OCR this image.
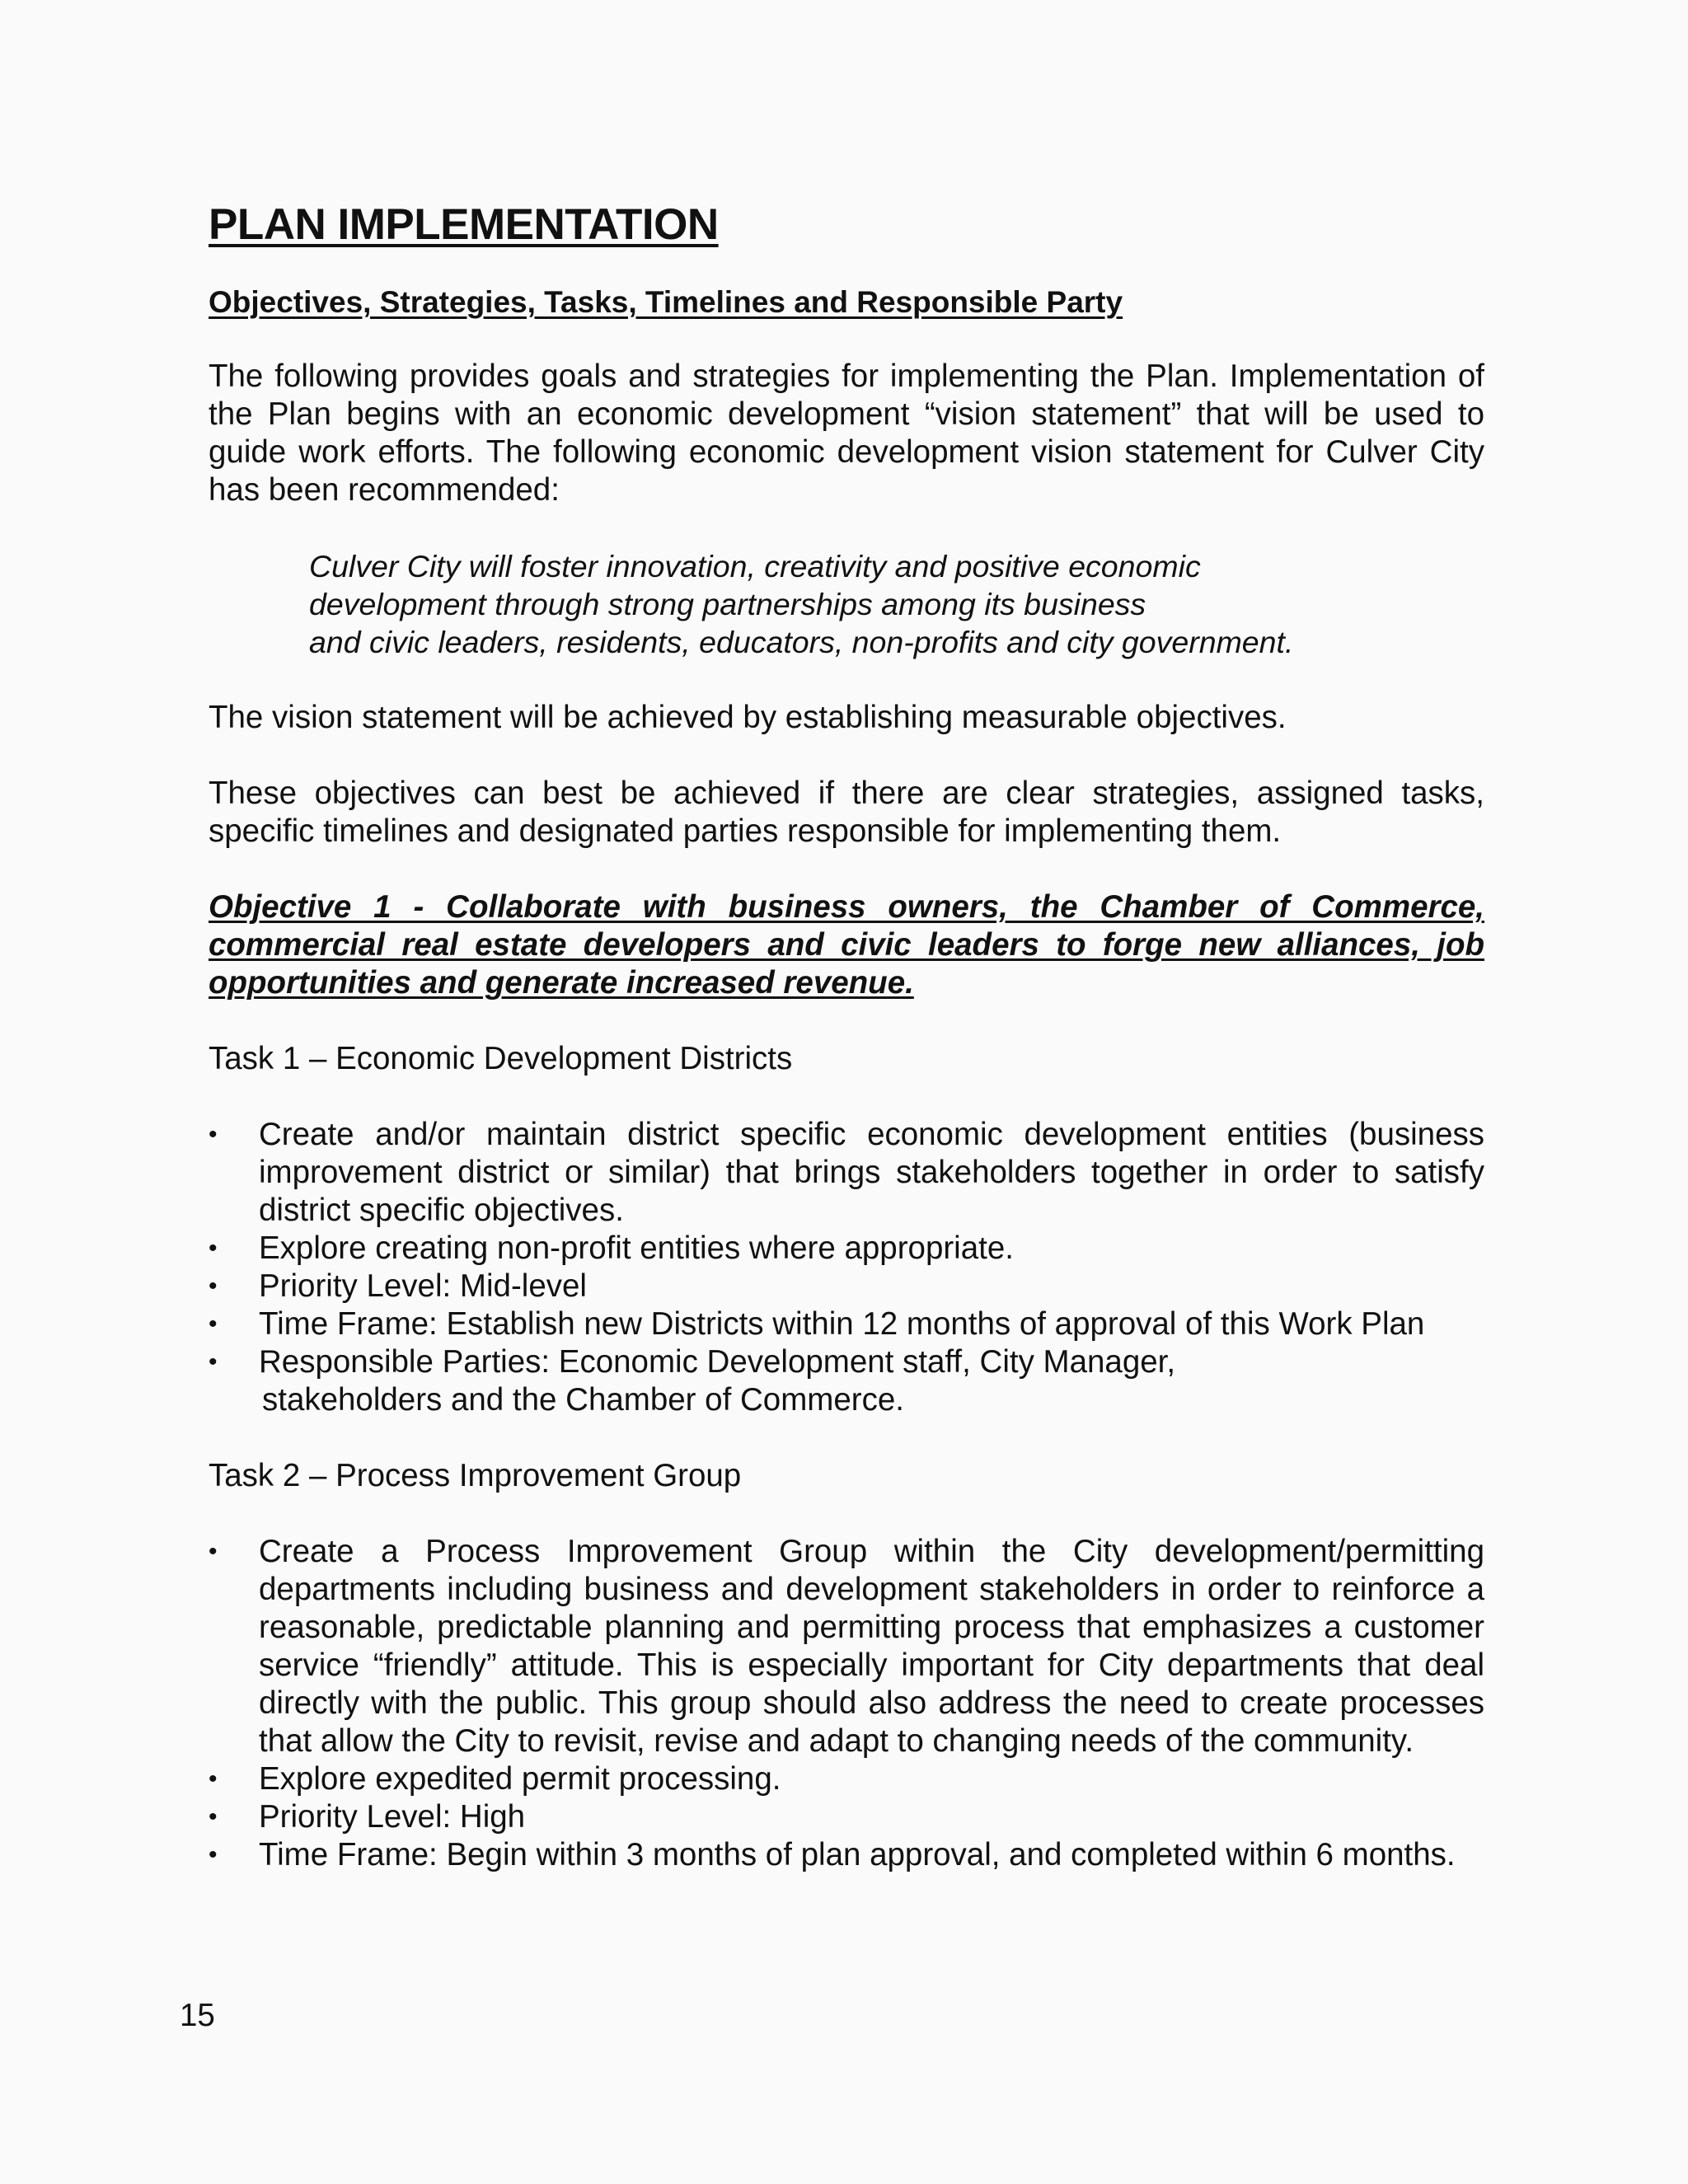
PLAN IMPLEMENTATION
Objectives, Strategies, Tasks, Timelines and Responsible Party

The following provides goals and strategies for implementing the Plan. Implementation of the Plan begins with an economic development “vision statement” that will be used to guide work efforts. The following economic development vision statement for Culver City has been recommended:

Culver City will foster innovation, creativity and positive economic
development through strong partnerships among its business
and civic leaders, residents, educators, non-profits and city government.

The vision statement will be achieved by establishing measurable objectives.

These objectives can best be achieved if there are clear strategies, assigned tasks, specific timelines and designated parties responsible for implementing them.

Objective 1 - Collaborate with business owners, the Chamber of Commerce, commercial real estate developers and civic leaders to forge new alliances, job opportunities and generate increased revenue.

Task 1 – Economic Development Districts

• Create and/or maintain district specific economic development entities (business improvement district or similar) that brings stakeholders together in order to satisfy district specific objectives.
• Explore creating non-profit entities where appropriate.
• Priority Level: Mid-level
• Time Frame: Establish new Districts within 12 months of approval of this Work Plan
• Responsible Parties: Economic Development staff, City Manager,
stakeholders and the Chamber of Commerce.

Task 2 – Process Improvement Group

• Create a Process Improvement Group within the City development/permitting departments including business and development stakeholders in order to reinforce a reasonable, predictable planning and permitting process that emphasizes a customer service “friendly” attitude. This is especially important for City departments that deal directly with the public. This group should also address the need to create processes that allow the City to revisit, revise and adapt to changing needs of the community.
• Explore expedited permit processing.
• Priority Level: High
• Time Frame: Begin within 3 months of plan approval, and completed within 6 months.
15
